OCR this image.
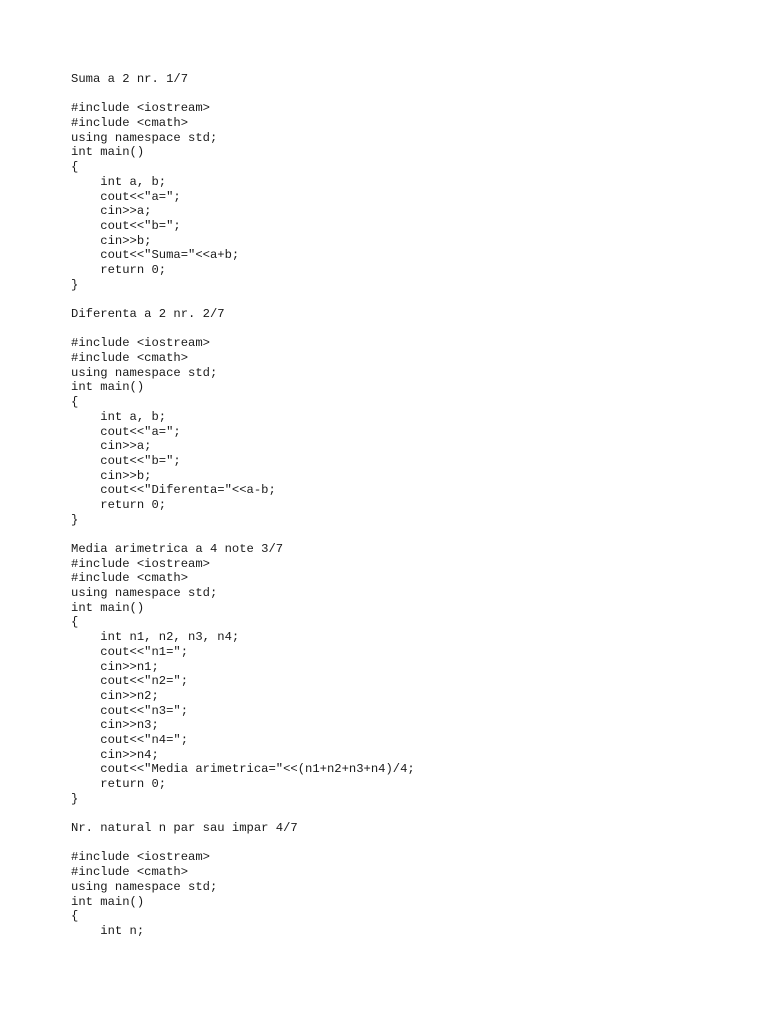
Suma a 2 nr. 1/7
#include <iostream>
#include <cmath>
using namespace std;
int main()
{
int a, b;
cout<<"a=";
cin>>a;
cout<<"b=";
cin>>b;
cout<<"Suma="<<a+b;
return 0;
}
Diferenta a 2 nr. 2/7
#include <iostream>
#include <cmath>
using namespace std;
int main()
{
int a, b;
cout<<"a=";
cin>>a;
cout<<"b=";
cin>>b;
cout<<"Diferenta="<<a-b;
return 0;
}
Media arimetrica a 4 note 3/7
#include <iostream>
#include <cmath>
using namespace std;
int main()
{
int n1, n2, n3, n4;
cout<<"n1=";
cin>>n1;
cout<<"n2=";
cin>>n2;
cout<<"n3=";
cin>>n3;
cout<<"n4=";
cin>>n4;
cout<<"Media arimetrica="<<(n1+n2+n3+n4)/4;
return 0;
}
Nr. natural n par sau impar 4/7
#include <iostream>
#include <cmath>
using namespace std;
int main()
{
int n;
